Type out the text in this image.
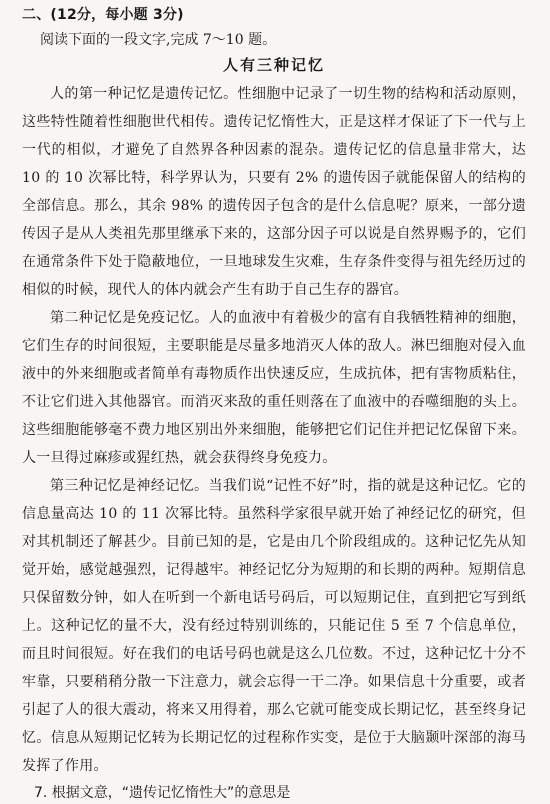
二、(12分，每小题 3分)
阅读下面的一段文字,完成 7～10 题。
人有三种记忆

人的第一种记忆是遗传记忆。性细胞中记录了一切生物的结构和活动原则，这些特性随着性细胞世代相传。遗传记忆惰性大，正是这样才保证了下一代与上一代的相似，才避免了自然界各种因素的混杂。遗传记忆的信息量非常大，达 10 的 10 次幂比特，科学界认为，只要有 2% 的遗传因子就能保留人的结构的全部信息。那么，其余 98% 的遗传因子包含的是什么信息呢？原来，一部分遗传因子是从人类祖先那里继承下来的，这部分因子可以说是自然界赐予的，它们在通常条件下处于隐蔽地位，一旦地球发生灾难，生存条件变得与祖先经历过的相似的时候，现代人的体内就会产生有助于自己生存的器官。

第二种记忆是免疫记忆。人的血液中有着极少的富有自我牺牲精神的细胞，它们生存的时间很短，主要职能是尽量多地消灭人体的敌人。淋巴细胞对侵入血液中的外来细胞或者简单有毒物质作出快速反应，生成抗体，把有害物质粘住，不让它们进入其他器官。而消灭来敌的重任则落在了血液中的吞噬细胞的头上。这些细胞能够毫不费力地区别出外来细胞，能够把它们记住并把记忆保留下来。人一旦得过麻疹或猩红热，就会获得终身免疫力。

第三种记忆是神经记忆。当我们说“记性不好”时，指的就是这种记忆。它的信息量高达 10 的 11 次幂比特。虽然科学家很早就开始了神经记忆的研究，但对其机制还了解甚少。目前已知的是，它是由几个阶段组成的。这种记忆先从知觉开始，感觉越强烈，记得越牢。神经记忆分为短期的和长期的两种。短期信息只保留数分钟，如人在听到一个新电话号码后，可以短期记住，直到把它写到纸上。这种记忆的量不大，没有经过特别训练的，只能记住 5 至 7 个信息单位，而且时间很短。好在我们的电话号码也就是这么几位数。不过，这种记忆十分不牢靠，只要稍稍分散一下注意力，就会忘得一干二净。如果信息十分重要，或者引起了人的很大震动，将来又用得着，那么它就可能变成长期记忆，甚至终身记忆。信息从短期记忆转为长期记忆的过程称作实变，是位于大脑颞叶深部的海马发挥了作用。

7. 根据文意，“遗传记忆惰性大”的意思是
